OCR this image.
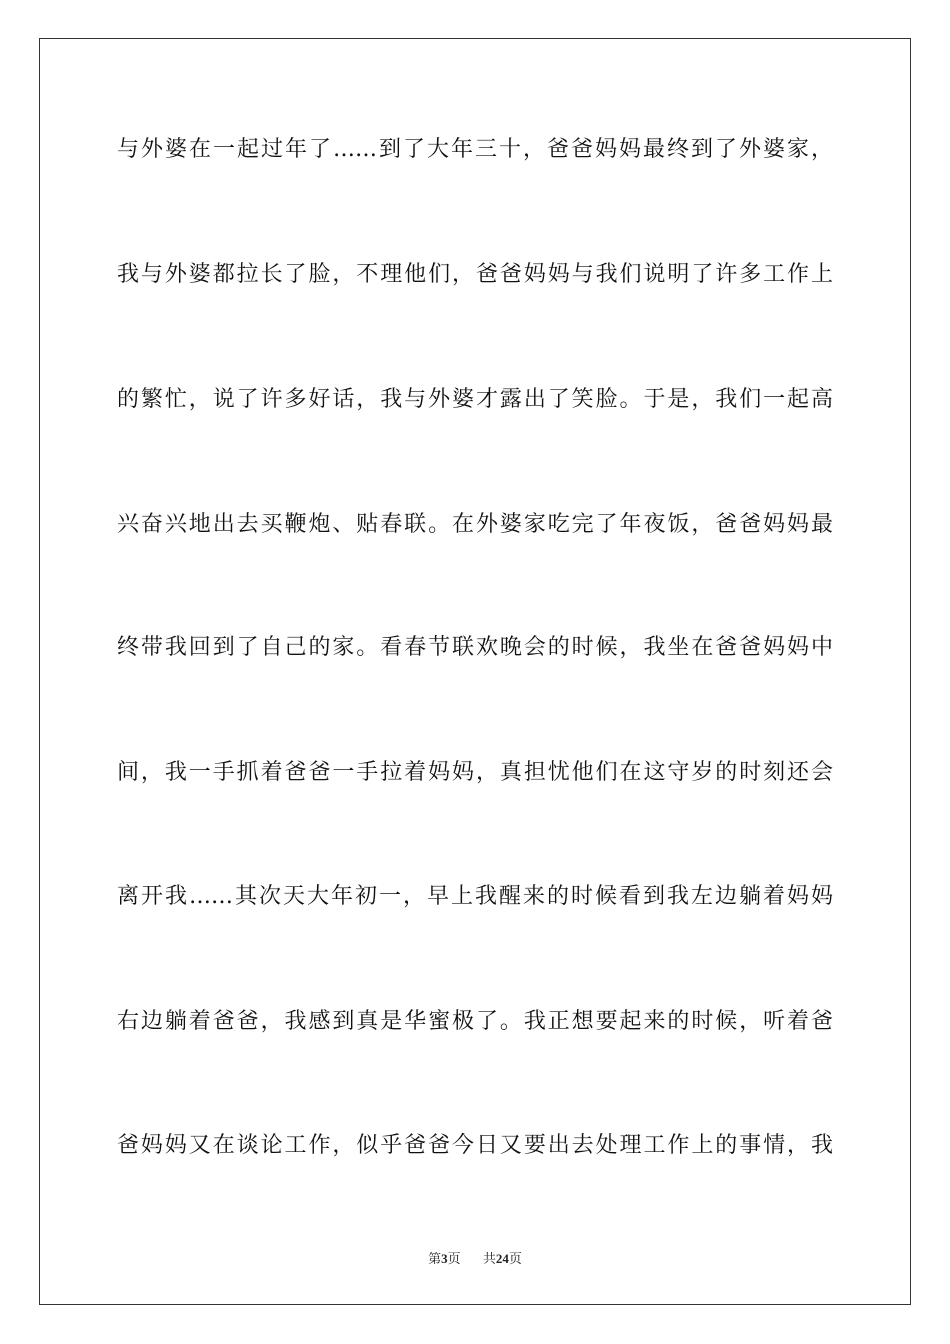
与外婆在一起过年了……到了大年三十，爸爸妈妈最终到了外婆家，
我与外婆都拉长了脸，不理他们，爸爸妈妈与我们说明了许多工作上
的繁忙，说了许多好话，我与外婆才露出了笑脸。于是，我们一起高
兴奋兴地出去买鞭炮、贴春联。在外婆家吃完了年夜饭，爸爸妈妈最
终带我回到了自己的家。看春节联欢晚会的时候，我坐在爸爸妈妈中
间，我一手抓着爸爸一手拉着妈妈，真担忧他们在这守岁的时刻还会
离开我……其次天大年初一，早上我醒来的时候看到我左边躺着妈妈
右边躺着爸爸，我感到真是华蜜极了。我正想要起来的时候，听着爸
爸妈妈又在谈论工作，似乎爸爸今日又要出去处理工作上的事情，我
第3页 共24页
